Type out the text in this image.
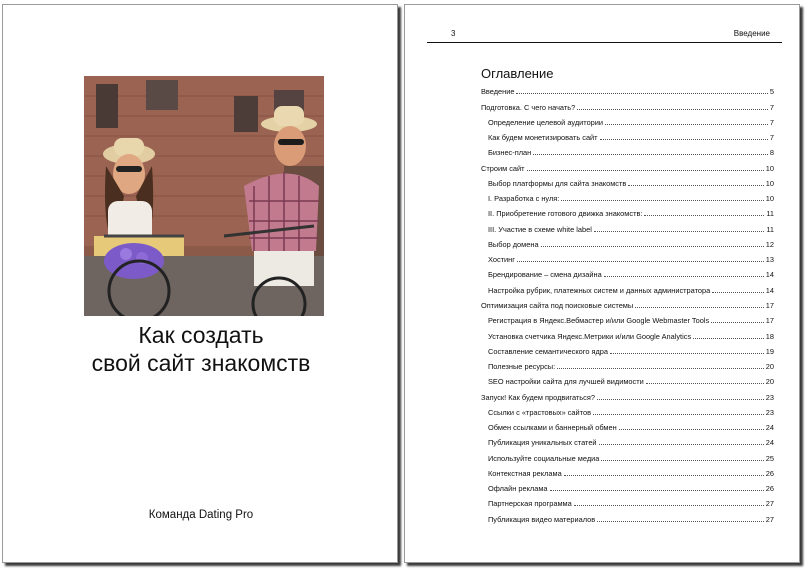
Как создать
свой сайт знакомств
Команда Dating Pro
3	Введение
Оглавление
Введение	5
Подготовка. С чего начать?	7
Определение целевой аудитории	7
Как будем монетизировать сайт	7
Бизнес-план	8
Строим сайт	10
Выбор платформы для сайта знакомств	10
I. Разработка с нуля:	10
II. Приобретение готового движка знакомств:	11
III. Участие в схеме white label	11
Выбор домена	12
Хостинг	13
Брендирование – смена дизайна	14
Настройка рубрик, платежных систем и данных администратора	14
Оптимизация сайта под поисковые системы	17
Регистрация в Яндекс.Вебмастер и/или Google Webmaster Tools	17
Установка счетчика Яндекс.Метрики и/или Google Analytics	18
Составление семантического ядра	19
Полезные ресурсы:	20
SEO настройки сайта для лучшей видимости	20
Запуск! Как будем продвигаться?	23
Ссылки с «трастовых» сайтов	23
Обмен ссылками и баннерный обмен	24
Публикация уникальных статей	24
Используйте социальные медиа	25
Контекстная реклама	26
Офлайн реклама	26
Партнерская программа	27
Публикация видео материалов	27
